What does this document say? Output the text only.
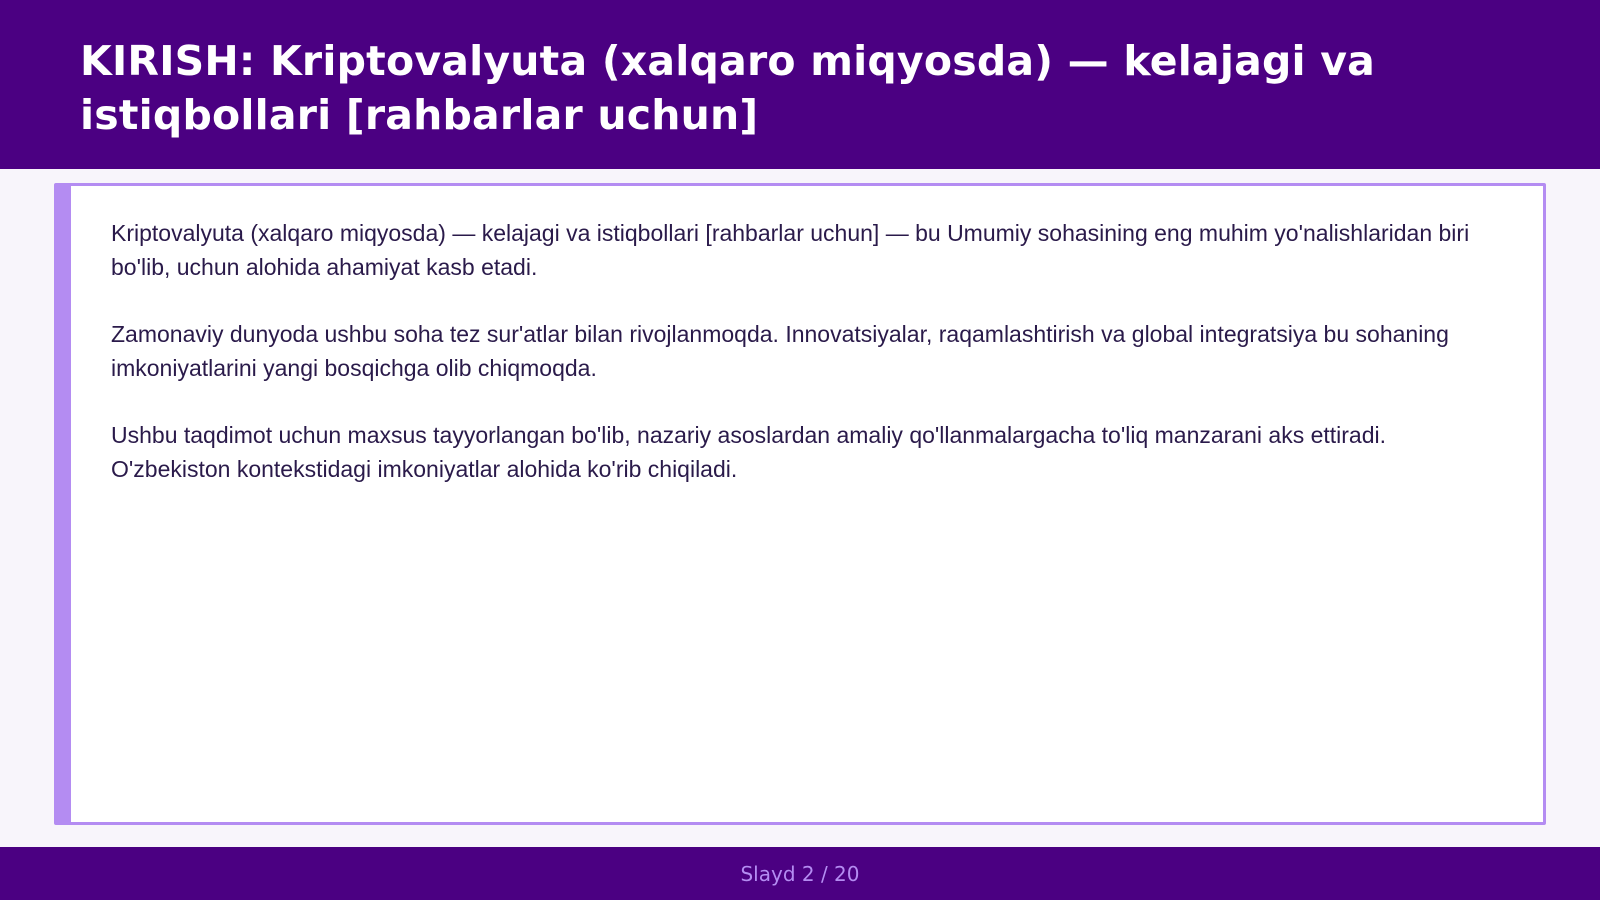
KIRISH: Kriptovalyuta (xalqaro miqyosda) — kelajagi va istiqbollari [rahbarlar uchun]

Kriptovalyuta (xalqaro miqyosda) — kelajagi va istiqbollari [rahbarlar uchun] — bu Umumiy sohasining eng muhim yo'nalishlaridan biri bo'lib, uchun alohida ahamiyat kasb etadi.

Zamonaviy dunyoda ushbu soha tez sur'atlar bilan rivojlanmoqda. Innovatsiyalar, raqamlashtirish va global integratsiya bu sohaning imkoniyatlarini yangi bosqichga olib chiqmoqda.

Ushbu taqdimot uchun maxsus tayyorlangan bo'lib, nazariy asoslardan amaliy qo'llanmalargacha to'liq manzarani aks ettiradi. O'zbekiston kontekstidagi imkoniyatlar alohida ko'rib chiqiladi.

Slayd 2 / 20
